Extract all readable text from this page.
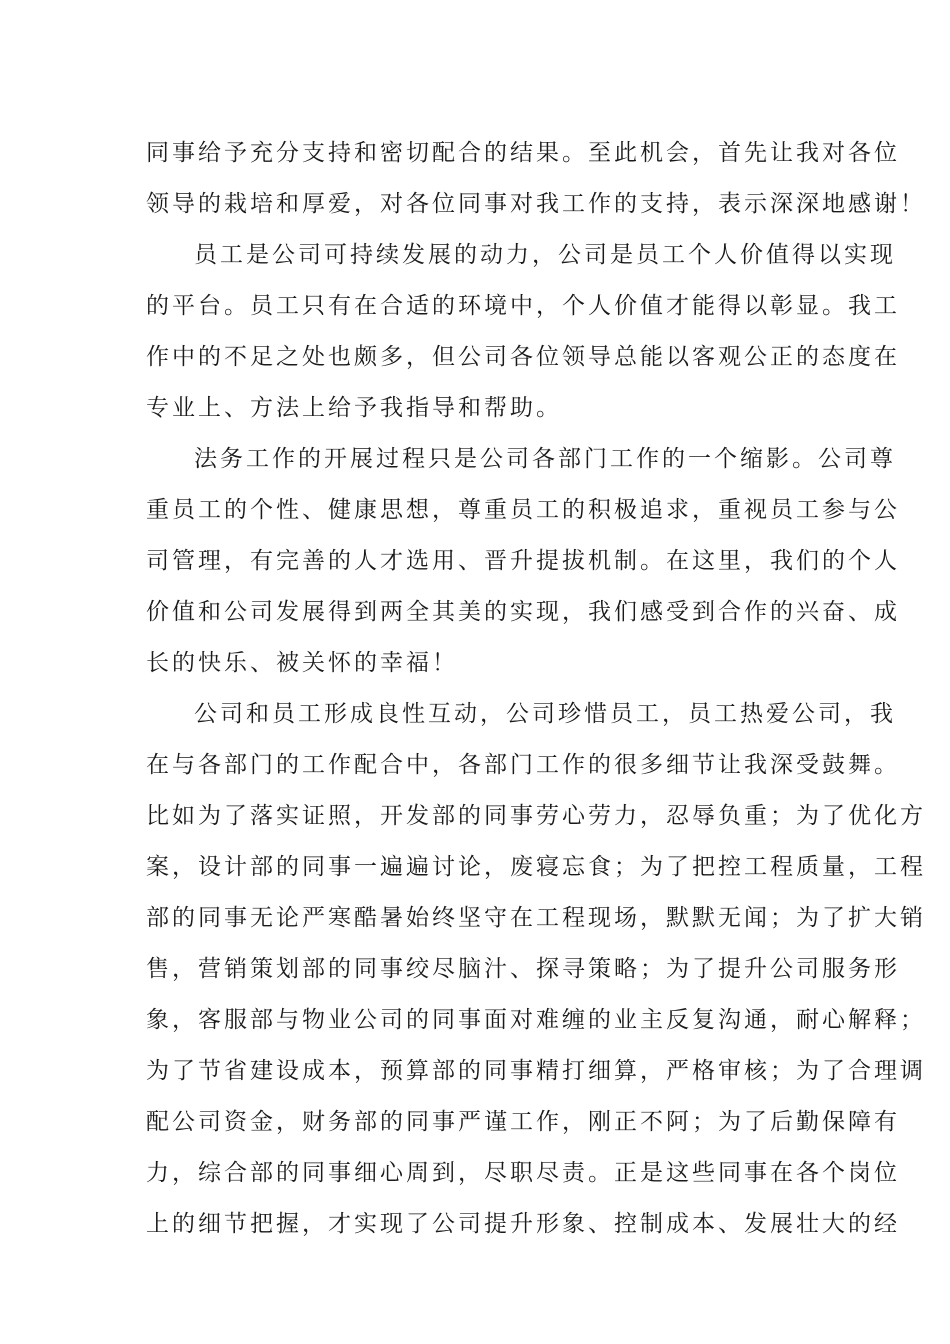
同事给予充分支持和密切配合的结果。至此机会，首先让我对各位
领导的栽培和厚爱，对各位同事对我工作的支持，表示深深地感谢！
员工是公司可持续发展的动力，公司是员工个人价值得以实现
的平台。员工只有在合适的环境中，个人价值才能得以彰显。我工
作中的不足之处也颇多，但公司各位领导总能以客观公正的态度在
专业上、方法上给予我指导和帮助。
法务工作的开展过程只是公司各部门工作的一个缩影。公司尊
重员工的个性、健康思想，尊重员工的积极追求，重视员工参与公
司管理，有完善的人才选用、晋升提拔机制。在这里，我们的个人
价值和公司发展得到两全其美的实现，我们感受到合作的兴奋、成
长的快乐、被关怀的幸福！
公司和员工形成良性互动，公司珍惜员工，员工热爱公司，我
在与各部门的工作配合中，各部门工作的很多细节让我深受鼓舞。
比如为了落实证照，开发部的同事劳心劳力，忍辱负重；为了优化方
案，设计部的同事一遍遍讨论，废寝忘食；为了把控工程质量，工程
部的同事无论严寒酷暑始终坚守在工程现场，默默无闻；为了扩大销
售，营销策划部的同事绞尽脑汁、探寻策略；为了提升公司服务形
象，客服部与物业公司的同事面对难缠的业主反复沟通，耐心解释；
为了节省建设成本，预算部的同事精打细算，严格审核；为了合理调
配公司资金，财务部的同事严谨工作，刚正不阿；为了后勤保障有
力，综合部的同事细心周到，尽职尽责。正是这些同事在各个岗位
上的细节把握，才实现了公司提升形象、控制成本、发展壮大的经
